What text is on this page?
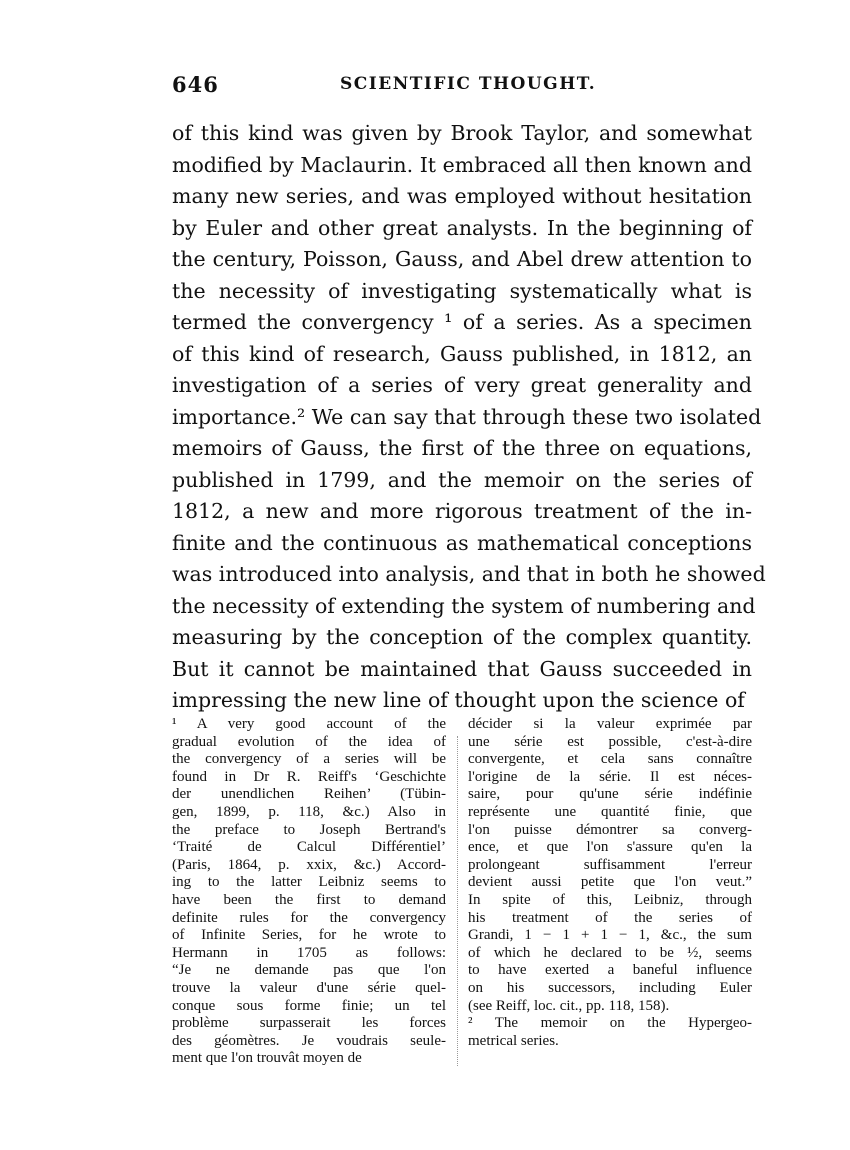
646	SCIENTIFIC THOUGHT.
of this kind was given by Brook Taylor, and somewhat
modified by Maclaurin. It embraced all then known and
many new series, and was employed without hesitation
by Euler and other great analysts. In the beginning of
the century, Poisson, Gauss, and Abel drew attention to
the necessity of investigating systematically what is
termed the convergency ¹ of a series. As a specimen
of this kind of research, Gauss published, in 1812, an
investigation of a series of very great generality and
importance.² We can say that through these two isolated
memoirs of Gauss, the first of the three on equations,
published in 1799, and the memoir on the series of
1812, a new and more rigorous treatment of the in-
finite and the continuous as mathematical conceptions
was introduced into analysis, and that in both he showed
the necessity of extending the system of numbering and
measuring by the conception of the complex quantity.
But it cannot be maintained that Gauss succeeded in
impressing the new line of thought upon the science of
¹ A very good account of the
gradual evolution of the idea of
the convergency of a series will be
found in Dr R. Reiff's ‘Geschichte
der unendlichen Reihen’ (Tübin-
gen, 1899, p. 118, &c.) Also in
the preface to Joseph Bertrand's
‘Traité de Calcul Différentiel’
(Paris, 1864, p. xxix, &c.) Accord-
ing to the latter Leibniz seems to
have been the first to demand
definite rules for the convergency
of Infinite Series, for he wrote to
Hermann in 1705 as follows:
“Je ne demande pas que l'on
trouve la valeur d'une série quel-
conque sous forme finie; un tel
problème surpasserait les forces
des géomètres. Je voudrais seule-
ment que l'on trouvât moyen de
décider si la valeur exprimée par
une série est possible, c'est-à-dire
convergente, et cela sans connaître
l'origine de la série. Il est néces-
saire, pour qu'une série indéfinie
représente une quantité finie, que
l'on puisse démontrer sa converg-
ence, et que l'on s'assure qu'en la
prolongeant suffisamment l'erreur
devient aussi petite que l'on veut.”
In spite of this, Leibniz, through
his treatment of the series of
Grandi, 1 − 1 + 1 − 1, &c., the sum
of which he declared to be ½, seems
to have exerted a baneful influence
on his successors, including Euler
(see Reiff, loc. cit., pp. 118, 158).
² The memoir on the Hypergeo-
metrical series.
